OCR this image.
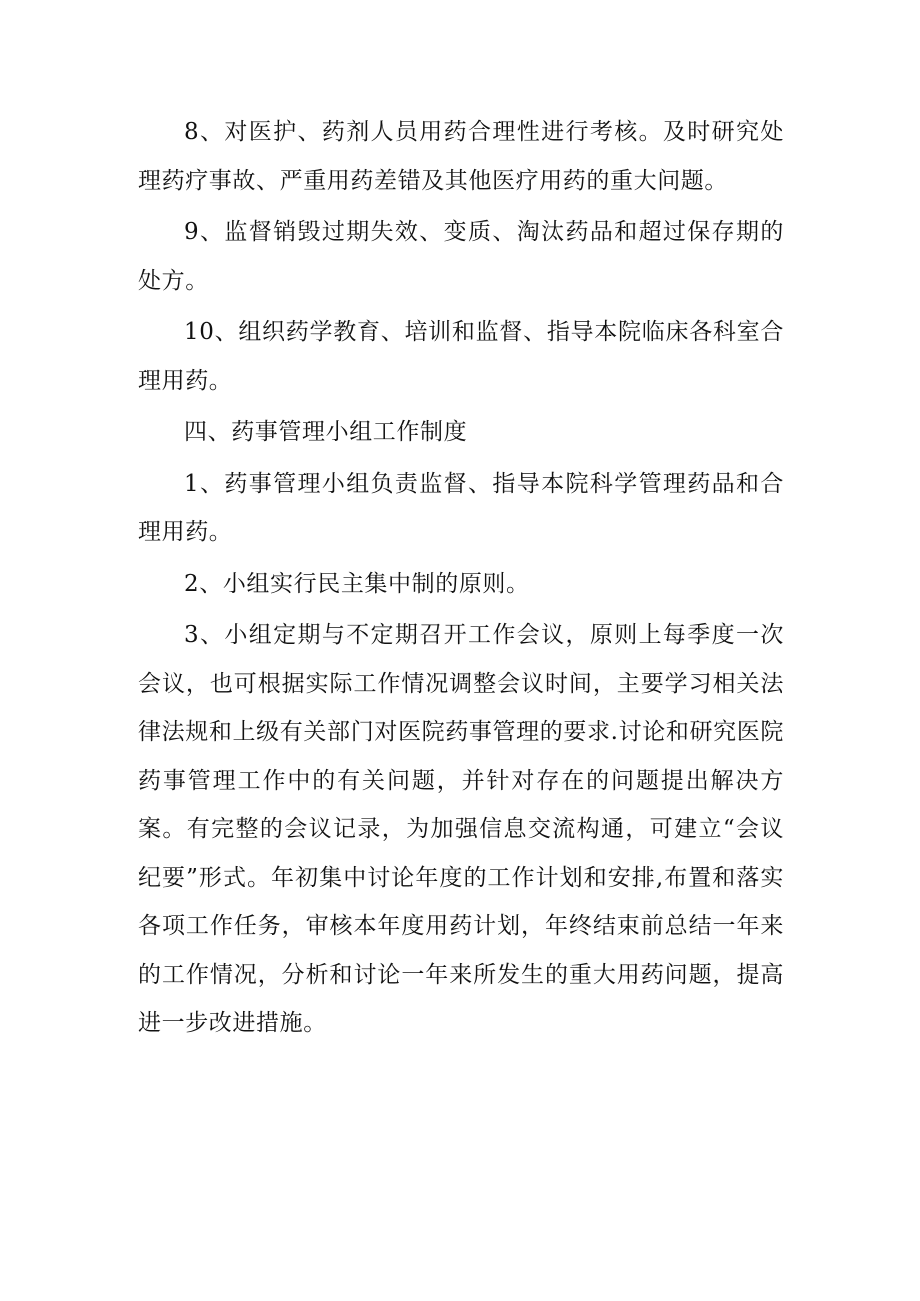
8、对医护、药剂人员用药合理性进行考核。及时研究处理药疗事故、严重用药差错及其他医疗用药的重大问题。

9、监督销毁过期失效、变质、淘汰药品和超过保存期的处方。

10、组织药学教育、培训和监督、指导本院临床各科室合理用药。

四、药事管理小组工作制度

1、药事管理小组负责监督、指导本院科学管理药品和合理用药。

2、小组实行民主集中制的原则。

3、小组定期与不定期召开工作会议，原则上每季度一次会议，也可根据实际工作情况调整会议时间，主要学习相关法律法规和上级有关部门对医院药事管理的要求.讨论和研究医院药事管理工作中的有关问题，并针对存在的问题提出解决方案。有完整的会议记录，为加强信息交流构通，可建立“会议纪要”形式。年初集中讨论年度的工作计划和安排,布置和落实各项工作任务，审核本年度用药计划，年终结束前总结一年来的工作情况，分析和讨论一年来所发生的重大用药问题，提高进一步改进措施。
